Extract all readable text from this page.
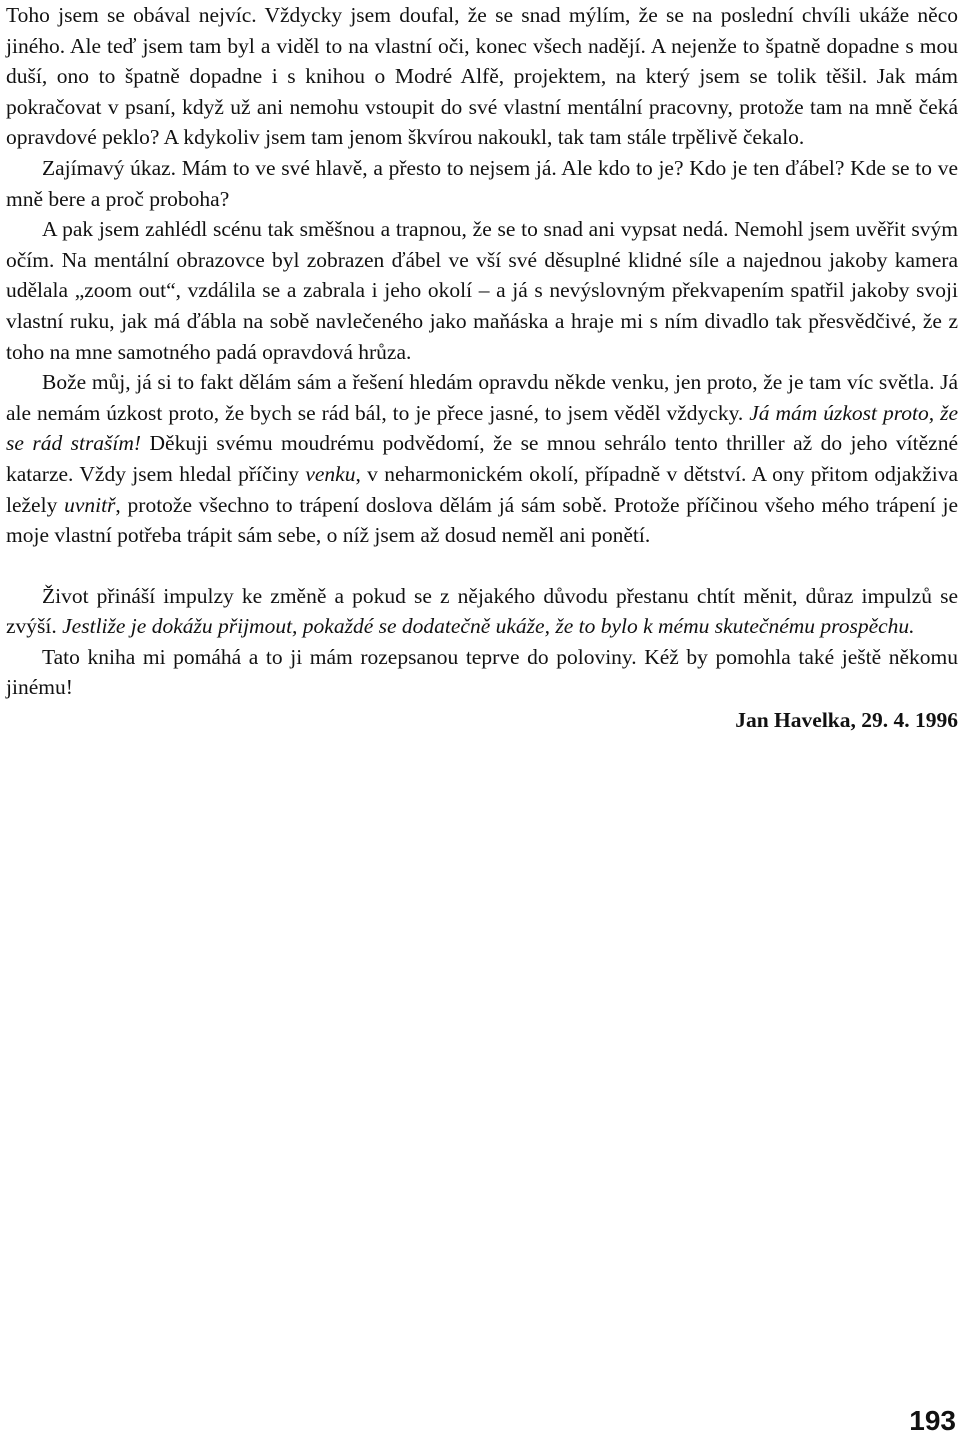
Toho jsem se obával nejvíc. Vždycky jsem doufal, že se snad mýlím, že se na poslední chvíli ukáže něco jiného. Ale teď jsem tam byl a viděl to na vlastní oči, konec všech nadějí. A nejenže to špatně dopadne s mou duší, ono to špatně dopadne i s knihou o Modré Alfě, projektem, na který jsem se tolik těšil. Jak mám pokračovat v psaní, když už ani nemohu vstoupit do své vlastní mentální pracovny, protože tam na mně čeká opravdové peklo? A kdykoliv jsem tam jenom škvírou nakoukl, tak tam stále trpělivě čekalo.

Zajímavý úkaz. Mám to ve své hlavě, a přesto to nejsem já. Ale kdo to je? Kdo je ten ďábel? Kde se to ve mně bere a proč proboha?

A pak jsem zahlédl scénu tak směšnou a trapnou, že se to snad ani vypsat nedá. Nemohl jsem uvěřit svým očím. Na mentální obrazovce byl zobrazen ďábel ve vší své děsuplné klidné síle a najednou jakoby kamera udělala „zoom out“, vzdálila se a zabrala i jeho okolí – a já s nevýslovným překvapením spatřil jakoby svoji vlastní ruku, jak má ďábla na sobě navlečeného jako maňáska a hraje mi s ním divadlo tak přesvědčivé, že z toho na mne samotného padá opravdová hrůza.

Bože můj, já si to fakt dělám sám a řešení hledám opravdu někde venku, jen proto, že je tam víc světla. Já ale nemám úzkost proto, že bych se rád bál, to je přece jasné, to jsem věděl vždycky. Já mám úzkost proto, že se rád straším! Děkuji svému moudrému podvědomí, že se mnou sehrálo tento thriller až do jeho vítězné katarze. Vždy jsem hledal příčiny venku, v neharmonickém okolí, případně v dětství. A ony přitom odjakživa ležely uvnitř, protože všechno to trápení doslova dělám já sám sobě. Protože příčinou všeho mého trápení je moje vlastní potřeba trápit sám sebe, o níž jsem až dosud neměl ani ponětí.

Život přináší impulzy ke změně a pokud se z nějakého důvodu přestanu chtít měnit, důraz impulzů se zvýší. Jestliže je dokážu přijmout, pokaždé se dodatečně ukáže, že to bylo k mému skutečnému prospěchu.

Tato kniha mi pomáhá a to ji mám rozepsanou teprve do poloviny. Kéž by pomohla také ještě někomu jinému!

Jan Havelka, 29. 4. 1996
193
